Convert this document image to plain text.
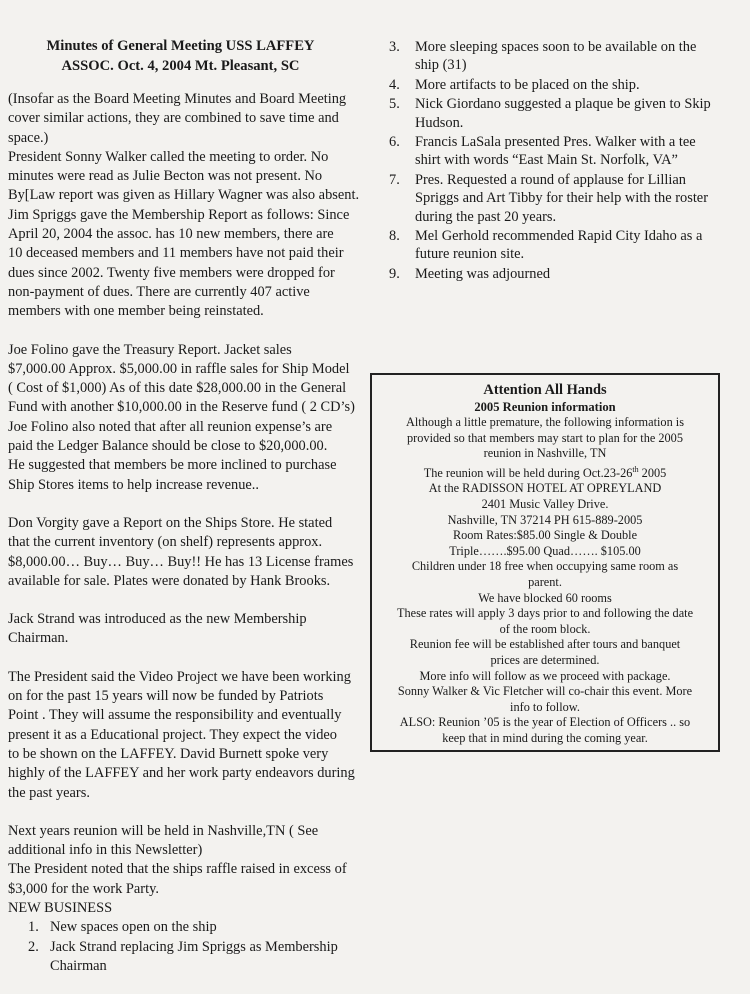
Minutes of General Meeting USS LAFFEY
ASSOC. Oct. 4, 2004 Mt. Pleasant, SC
(Insofar as the Board Meeting Minutes and Board Meeting
cover similar actions, they are combined to save time and
space.)
President Sonny Walker called the meeting to order. No
minutes were read as Julie Becton was not present. No
By[Law report was given as Hillary Wagner was also absent.
Jim Spriggs gave the Membership Report as follows: Since
April 20, 2004 the assoc. has 10 new members, there are
10 deceased members and 11 members have not paid their
dues since 2002. Twenty five members were dropped for
non-payment of dues. There are currently 407 active
members with one member being reinstated.
Joe Folino gave the Treasury Report. Jacket sales
$7,000.00 Approx. $5,000.00 in raffle sales for Ship Model
( Cost of $1,000) As of this date $28,000.00 in the General
Fund with another $10,000.00 in the Reserve fund ( 2 CD’s)
Joe Folino also noted that after all reunion expense’s are
paid the Ledger Balance should be close to $20,000.00.
He suggested that members be more inclined to purchase
Ship Stores items to help increase revenue..
Don Vorgity gave a Report on the Ships Store. He stated
that the current inventory (on shelf) represents approx.
$8,000.00… Buy… Buy… Buy!! He has 13 License frames
available for sale. Plates were donated by Hank Brooks.
Jack Strand was introduced as the new Membership
Chairman.
The President said the Video Project we have been working
on for the past 15 years will now be funded by Patriots
Point . They will assume the responsibility and eventually
present it as a Educational project. They expect the video
to be shown on the LAFFEY. David Burnett spoke very
highly of the LAFFEY and her work party endeavors during
the past years.
Next years reunion will be held in Nashville,TN ( See
additional info in this Newsletter)
The President noted that the ships raffle raised in excess of
$3,000 for the work Party.
NEW BUSINESS
1. New spaces open on the ship
2. Jack Strand replacing Jim Spriggs as Membership
Chairman
3. More sleeping spaces soon to be available on the
ship (31)
4. More artifacts to be placed on the ship.
5. Nick Giordano suggested a plaque be given to Skip
Hudson.
6. Francis LaSala presented Pres. Walker with a tee
shirt with words “East Main St. Norfolk, VA”
7. Pres. Requested a round of applause for Lillian
Spriggs and Art Tibby for their help with the roster
during the past 20 years.
8. Mel Gerhold recommended Rapid City Idaho as a
future reunion site.
9. Meeting was adjourned
Attention All Hands
2005 Reunion information
Although a little premature, the following information is
provided so that members may start to plan for the 2005
reunion in Nashville, TN
The reunion will be held during Oct.23-26th 2005
At the RADISSON HOTEL AT OPREYLAND
2401 Music Valley Drive.
Nashville, TN 37214 PH 615-889-2005
Room Rates:$85.00 Single & Double
Triple…….$95.00 Quad……. $105.00
Children under 18 free when occupying same room as
parent.
We have blocked 60 rooms
These rates will apply 3 days prior to and following the date
of the room block.
Reunion fee will be established after tours and banquet
prices are determined.
More info will follow as we proceed with package.
Sonny Walker & Vic Fletcher will co-chair this event. More
info to follow.
ALSO: Reunion ’05 is the year of Election of Officers .. so
keep that in mind during the coming year.
